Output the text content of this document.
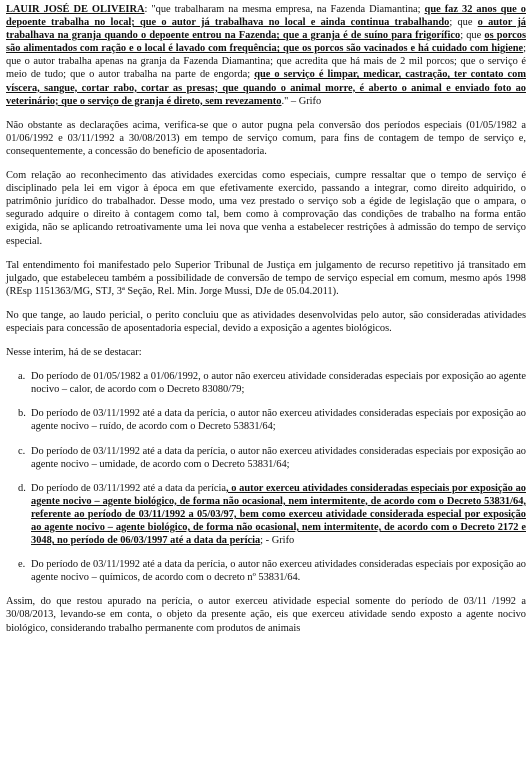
LAUIR JOSÉ DE OLIVEIRA: "que trabalharam na mesma empresa, na Fazenda Diamantina; que faz 32 anos que o depoente trabalha no local; que o autor já trabalhava no local e ainda continua trabalhando; que o autor já trabalhava na granja quando o depoente entrou na Fazenda; que a granja é de suíno para frigorífico; que os porcos são alimentados com ração e o local é lavado com frequência; que os porcos são vacinados e há cuidado com higiene; que o autor trabalha apenas na granja da Fazenda Diamantina; que acredita que há mais de 2 mil porcos; que o serviço é meio de tudo; que o autor trabalha na parte de engorda; que o serviço é limpar, medicar, castração, ter contato com víscera, sangue, cortar rabo, cortar as presas; que quando o animal morre, é aberto o animal e enviado foto ao veterinário; que o serviço de granja é direto, sem revezamento." – Grifo

Não obstante as declarações acima, verifica-se que o autor pugna pela conversão dos períodos especiais (01/05/1982 a 01/06/1992 e 03/11/1992 a 30/08/2013) em tempo de serviço comum, para fins de contagem de tempo de serviço e, consequentemente, a concessão do benefício de aposentadoria.

Com relação ao reconhecimento das atividades exercidas como especiais, cumpre ressaltar que o tempo de serviço é disciplinado pela lei em vigor à época em que efetivamente exercido, passando a integrar, como direito adquirido, o patrimônio jurídico do trabalhador. Desse modo, uma vez prestado o serviço sob a égide de legislação que o ampara, o segurado adquire o direito à contagem como tal, bem como à comprovação das condições de trabalho na forma então exigida, não se aplicando retroativamente uma lei nova que venha a estabelecer restrições à admissão do tempo de serviço especial.

Tal entendimento foi manifestado pelo Superior Tribunal de Justiça em julgamento de recurso repetitivo já transitado em julgado, que estabeleceu também a possibilidade de conversão de tempo de serviço especial em comum, mesmo após 1998 (REsp 1151363/MG, STJ, 3ª Seção, Rel. Min. Jorge Mussi, DJe de 05.04.2011).

No que tange, ao laudo pericial, o perito concluiu que as atividades desenvolvidas pelo autor, são consideradas atividades especiais para concessão de aposentadoria especial, devido a exposição a agentes biológicos.

Nesse interim, há de se destacar:

a. Do período de 01/05/1982 a 01/06/1992, o autor não exerceu atividade consideradas especiais por exposição ao agente nocivo – calor, de acordo com o Decreto 83080/79;
b. Do período de 03/11/1992 até a data da perícia, o autor não exerceu atividades consideradas especiais por exposição ao agente nocivo – ruído, de acordo com o Decreto 53831/64;
c. Do período de 03/11/1992 até a data da perícia, o autor não exerceu atividades consideradas especiais por exposição ao agente nocivo – umidade, de acordo com o Decreto 53831/64;
d. Do período de 03/11/1992 até a data da perícia, o autor exerceu atividades consideradas especiais por exposição ao agente nocivo – agente biológico, de forma não ocasional, nem intermitente, de acordo com o Decreto 53831/64, referente ao período de 03/11/1992 a 05/03/97, bem como exerceu atividade considerada especial por exposição ao agente nocivo – agente biológico, de forma não ocasional, nem intermitente, de acordo com o Decreto 2172 e 3048, no período de 06/03/1997 até a data da perícia; - Grifo
e. Do período de 03/11/1992 até a data da perícia, o autor não exerceu atividades consideradas especiais por exposição ao agente nocivo – químicos, de acordo com o decreto nº 53831/64.

Assim, do que restou apurado na perícia, o autor exerceu atividade especial somente do período de 03/11 /1992 a 30/08/2013, levando-se em conta, o objeto da presente ação, eis que exerceu atividade sendo exposto a agente nocivo biológico, considerando trabalho permanente com produtos de animais
